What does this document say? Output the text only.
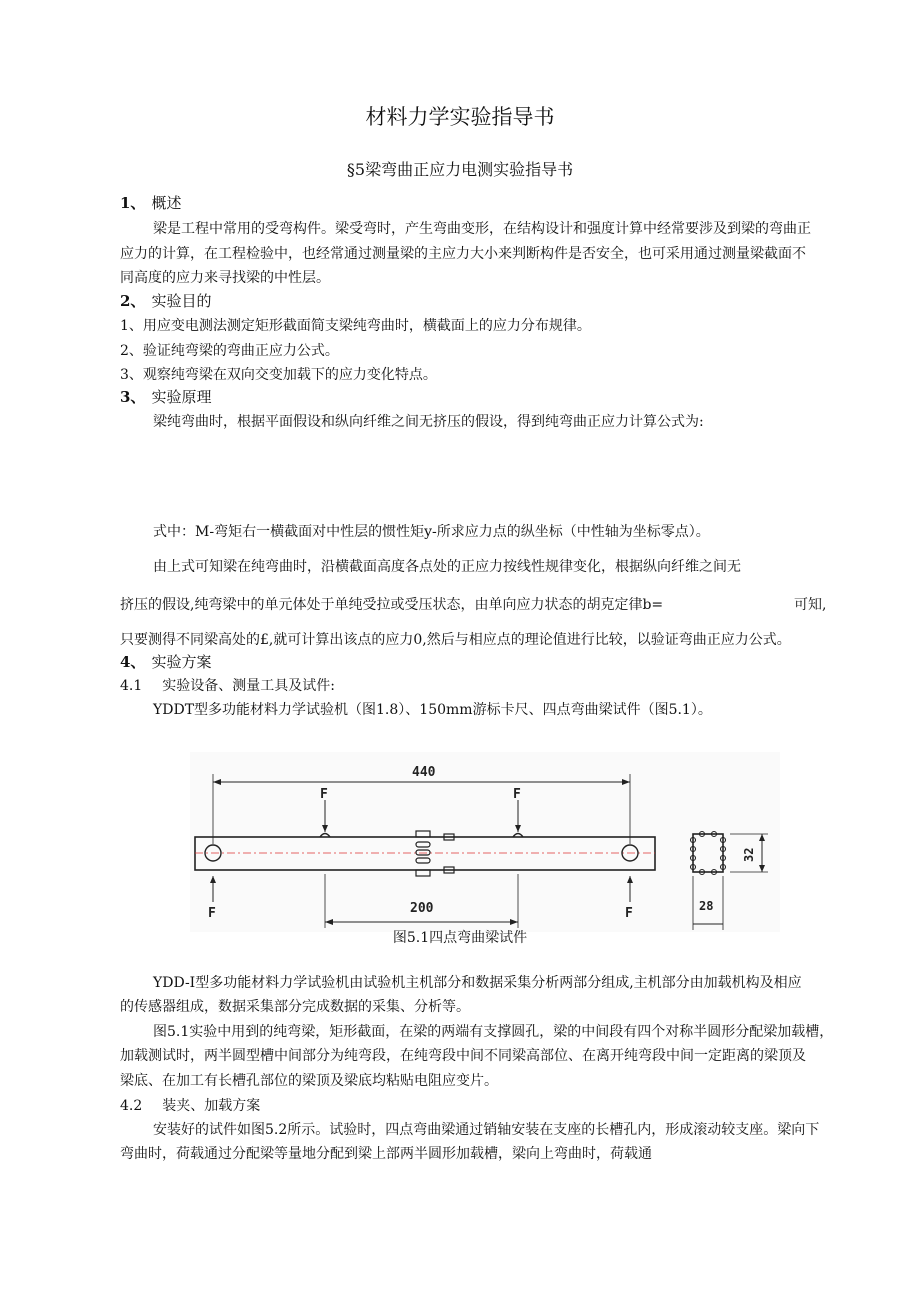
材料力学实验指导书
§5梁弯曲正应力电测实验指导书
1、 概述
梁是工程中常用的受弯构件。梁受弯时，产生弯曲变形，在结构设计和强度计算中经常要涉及到梁的弯曲正
应力的计算，在工程检验中，也经常通过测量梁的主应力大小来判断构件是否安全，也可采用通过测量梁截面不
同高度的应力来寻找梁的中性层。
2、 实验目的
1、用应变电测法测定矩形截面简支梁纯弯曲时，横截面上的应力分布规律。
2、验证纯弯梁的弯曲正应力公式。
3、观察纯弯梁在双向交变加载下的应力变化特点。
3、 实验原理
梁纯弯曲时，根据平面假设和纵向纤维之间无挤压的假设，得到纯弯曲正应力计算公式为:
式中：M-弯矩右一横截面对中性层的惯性矩y-所求应力点的纵坐标（中性轴为坐标零点）。
由上式可知梁在纯弯曲时，沿横截面高度各点处的正应力按线性规律变化，根据纵向纤维之间无
挤压的假设,纯弯梁中的单元体处于单纯受拉或受压状态，由单向应力状态的胡克定律b=	可知,
只要测得不同梁高处的£,就可计算出该点的应力0,然后与相应点的理论值进行比较，以验证弯曲正应力公式。
4、 实验方案
4.1 实验设备、测量工具及试件:
YDDT型多功能材料力学试验机（图1.8）、150mm游标卡尺、四点弯曲梁试件（图5.1）。
440
F	F
F	F
200
32
28
图5.1四点弯曲梁试件
YDD-I型多功能材料力学试验机由试验机主机部分和数据采集分析两部分组成,主机部分由加载机构及相应
的传感器组成，数据采集部分完成数据的采集、分析等。
图5.1实验中用到的纯弯梁，矩形截面，在梁的两端有支撑圆孔，梁的中间段有四个对称半圆形分配梁加载槽，
加载测试时，两半圆型槽中间部分为纯弯段，在纯弯段中间不同梁高部位、在离开纯弯段中间一定距离的梁顶及
梁底、在加工有长槽孔部位的梁顶及梁底均粘贴电阻应变片。
4.2 装夹、加载方案
安装好的试件如图5.2所示。试验时，四点弯曲梁通过销轴安装在支座的长槽孔内，形成滚动较支座。梁向下
弯曲时，荷载通过分配梁等量地分配到梁上部两半圆形加载槽，梁向上弯曲时，荷载通
